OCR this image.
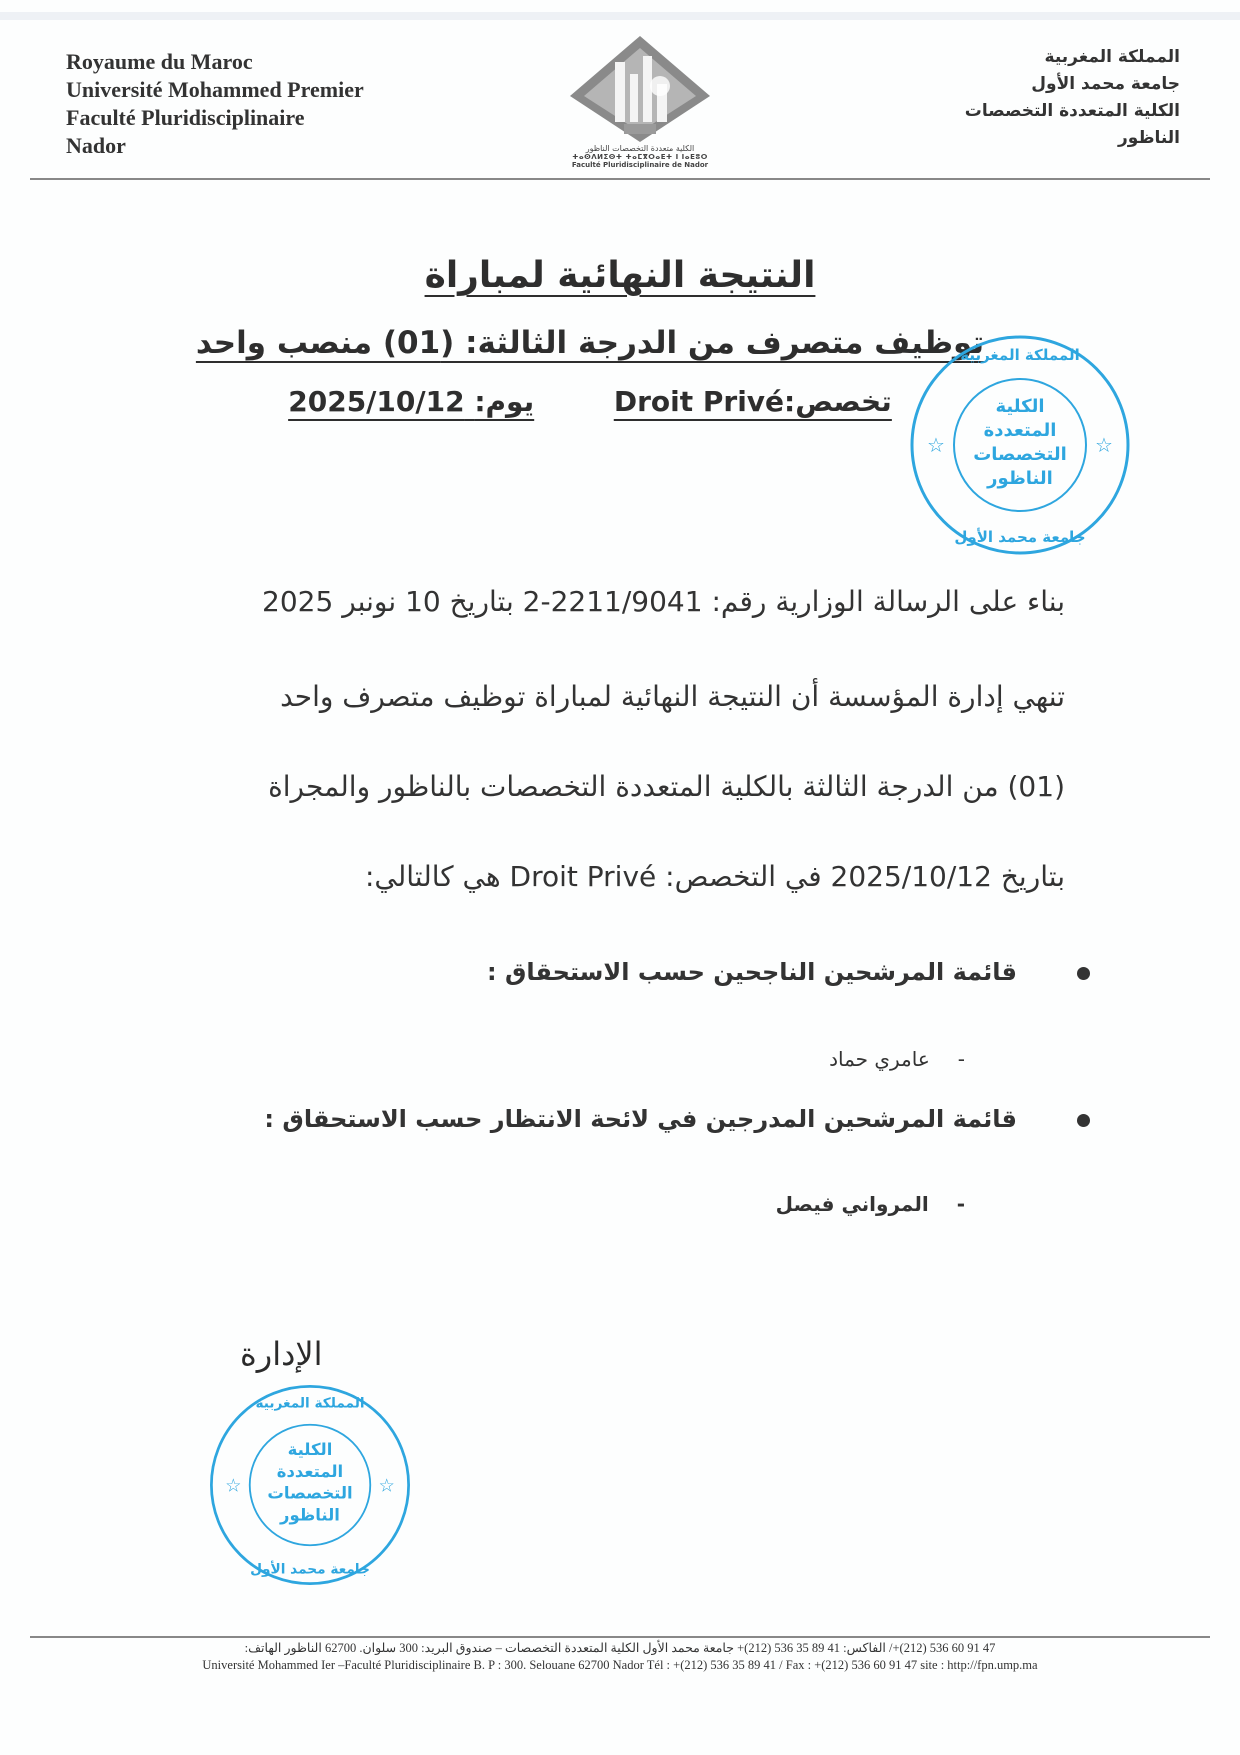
Royaume du Maroc
Université Mohammed Premier
Faculté Pluridisciplinaire
Nador	الكلية متعددة التخصصات الناظور
ⵜⴰⵙⴷⵍⵉⵙⵜ ⵜⴰⵎⴳⵔⴰⴹⵜ ⵏ ⵏⴰⴹⵓⵔ
Faculté Pluridisciplinaire de Nador
المملكة المغربية
جامعة محمد الأول
الكلية المتعددة التخصصات
الناظور
النتيجة النهائية لمباراة
توظيف متصرف من الدرجة الثالثة: (01) منصب واحد
تخصص:Droit Privé يوم: 2025/10/12	الكلية
المتعددة
التخصصات
الناظور
المملكة المغربية
جامعة محمد الأول
☆	☆
بناء على الرسالة الوزارية رقم: 2211/9041-2 بتاريخ 10 نونبر 2025
تنهي إدارة المؤسسة أن النتيجة النهائية لمباراة توظيف متصرف واحد
(01) من الدرجة الثالثة بالكلية المتعددة التخصصات بالناظور والمجراة
بتاريخ 2025/10/12 في التخصص: Droit Privé هي كالتالي:
قائمة المرشحين الناجحين حسب الاستحقاق :
-عامري حماد
قائمة المرشحين المدرجين في لائحة الانتظار حسب الاستحقاق :
-المرواني فيصل
الإدارة
الكلية
المتعددة
التخصصات
الناظور
المملكة المغربية
جامعة محمد الأول
☆	☆
47 91 60 536 (212)+/ الفاكس: 41 89 35 536 (212)+ جامعة محمد الأول الكلية المتعددة التخصصات – صندوق البريد: 300 سلوان. 62700 الناظور الهاتف:
Université Mohammed Ier –Faculté Pluridisciplinaire B. P : 300. Selouane 62700 Nador Tél : +(212) 536 35 89 41 / Fax : +(212) 536 60 91 47 site : http://fpn.ump.ma
